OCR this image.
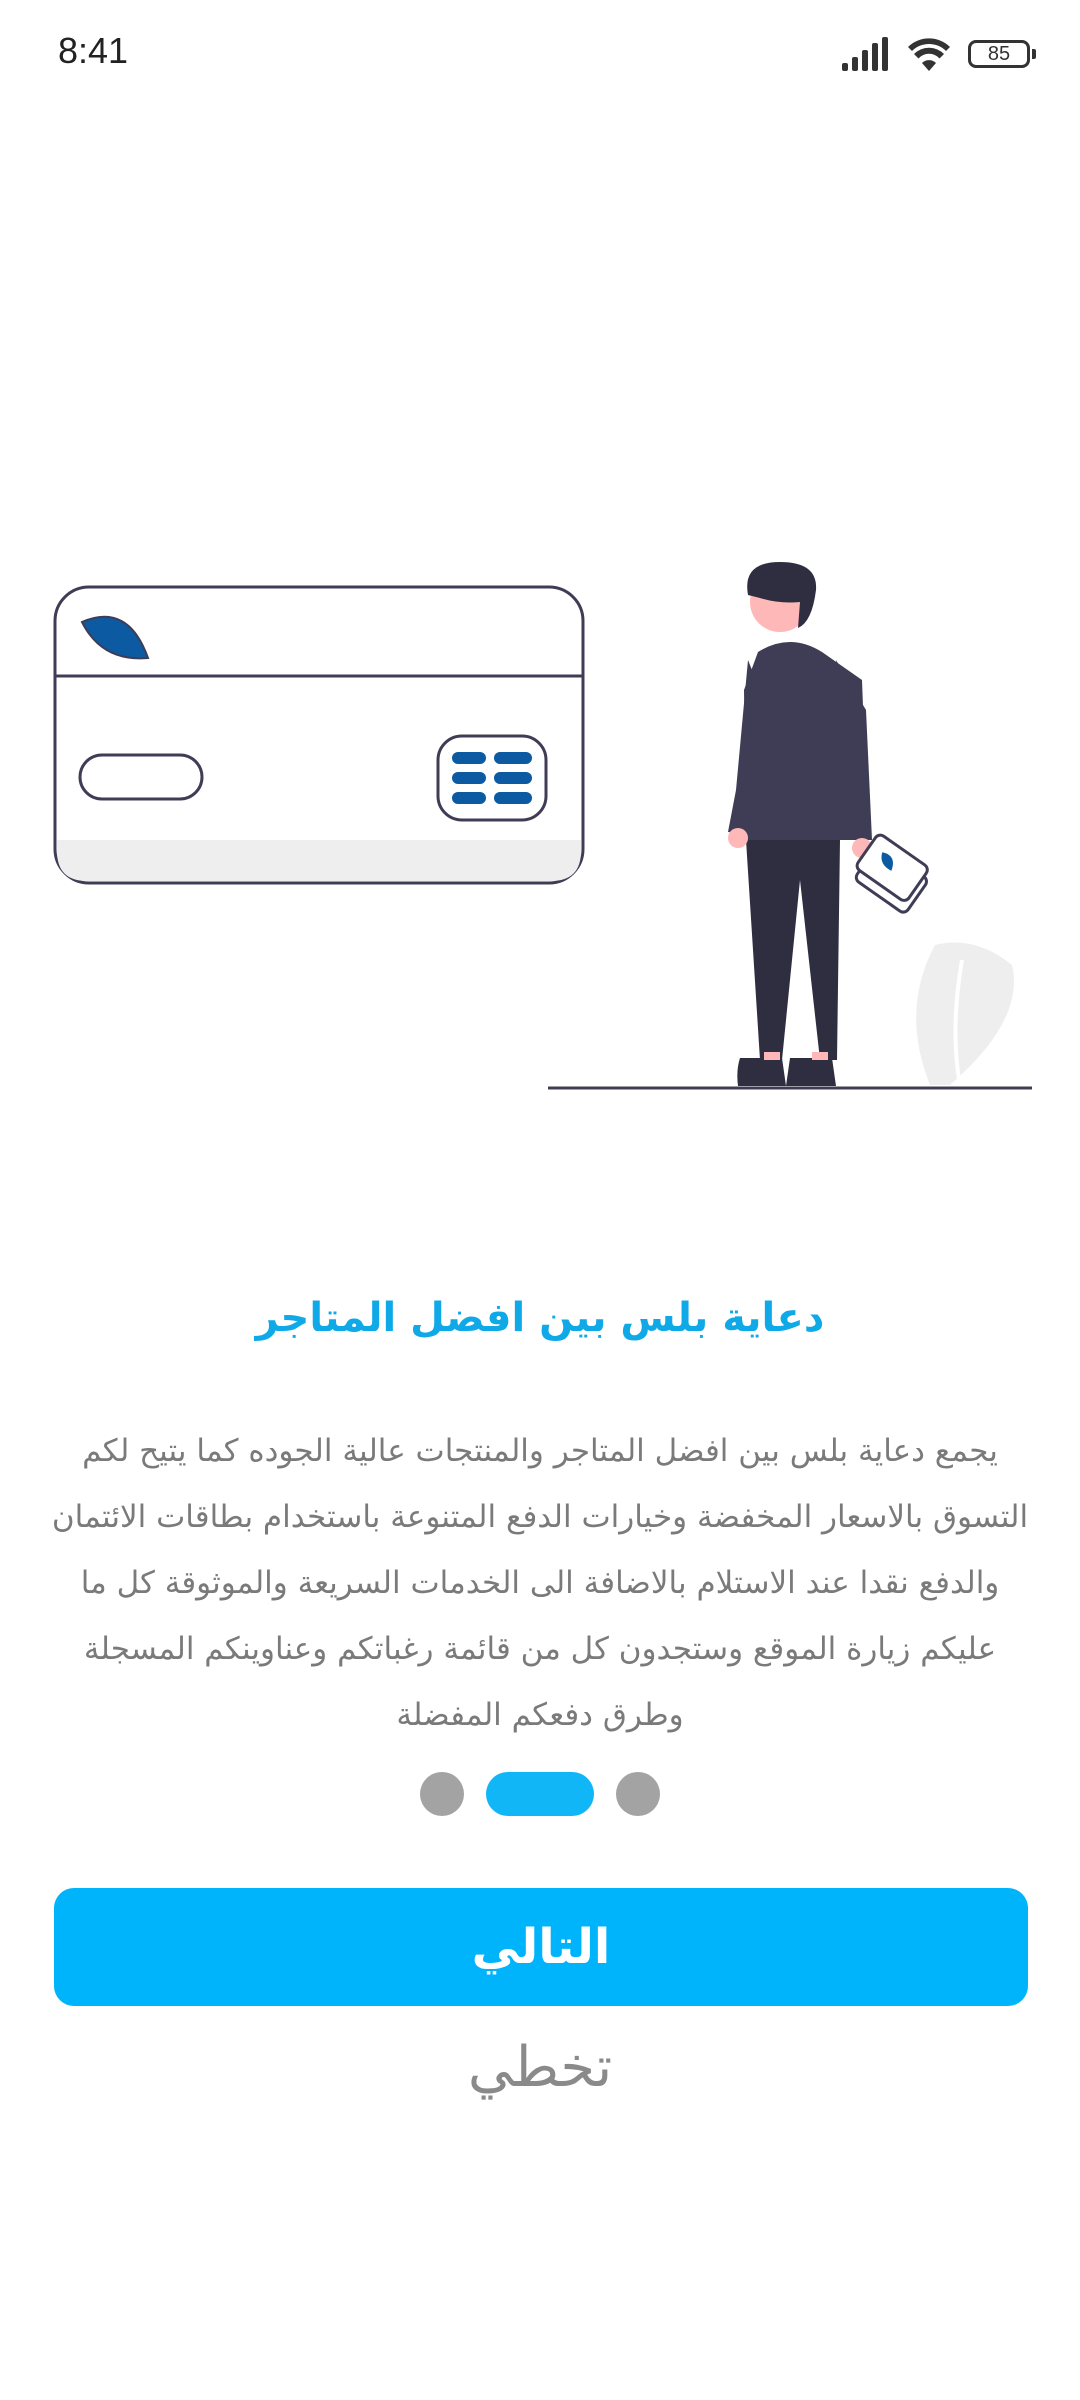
8:41	85
دعاية بلس بين افضل المتاجر
يجمع دعاية بلس بين افضل المتاجر والمنتجات عالية الجوده كما يتيح لكم التسوق بالاسعار المخفضة وخيارات الدفع المتنوعة باستخدام بطاقات الائتمان والدفع نقدا عند الاستلام بالاضافة الى الخدمات السريعة والموثوقة كل ما عليكم زيارة الموقع وستجدون كل من قائمة رغباتكم وعناوينكم المسجلة وطرق دفعكم المفضلة
التالي
تخطي
